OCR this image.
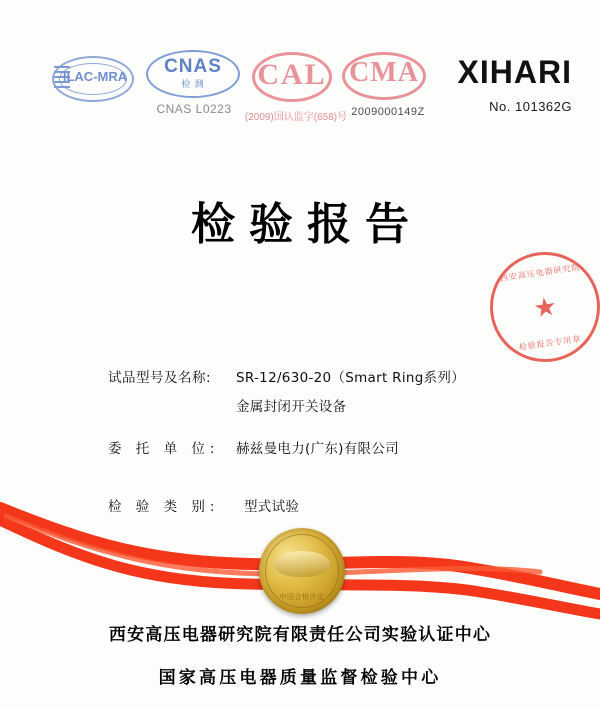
ILAC-MRA	CNAS
检 测
CNAS L0223
CAL
(2009)国认监字(658)号
CMA
2009000149Z
XIHARI
No. 101362G
检验报告
西安高压电器研究院
★
检验报告专用章
试品型号及名称:	SR-12/630-20（Smart Ring系列）
金属封闭开关设备
委 托 单 位:	赫兹曼电力(广东)有限公司
检 验 类 别:	型式试验
中国合格评定
西安高压电器研究院有限责任公司实验认证中心
国家高压电器质量监督检验中心
